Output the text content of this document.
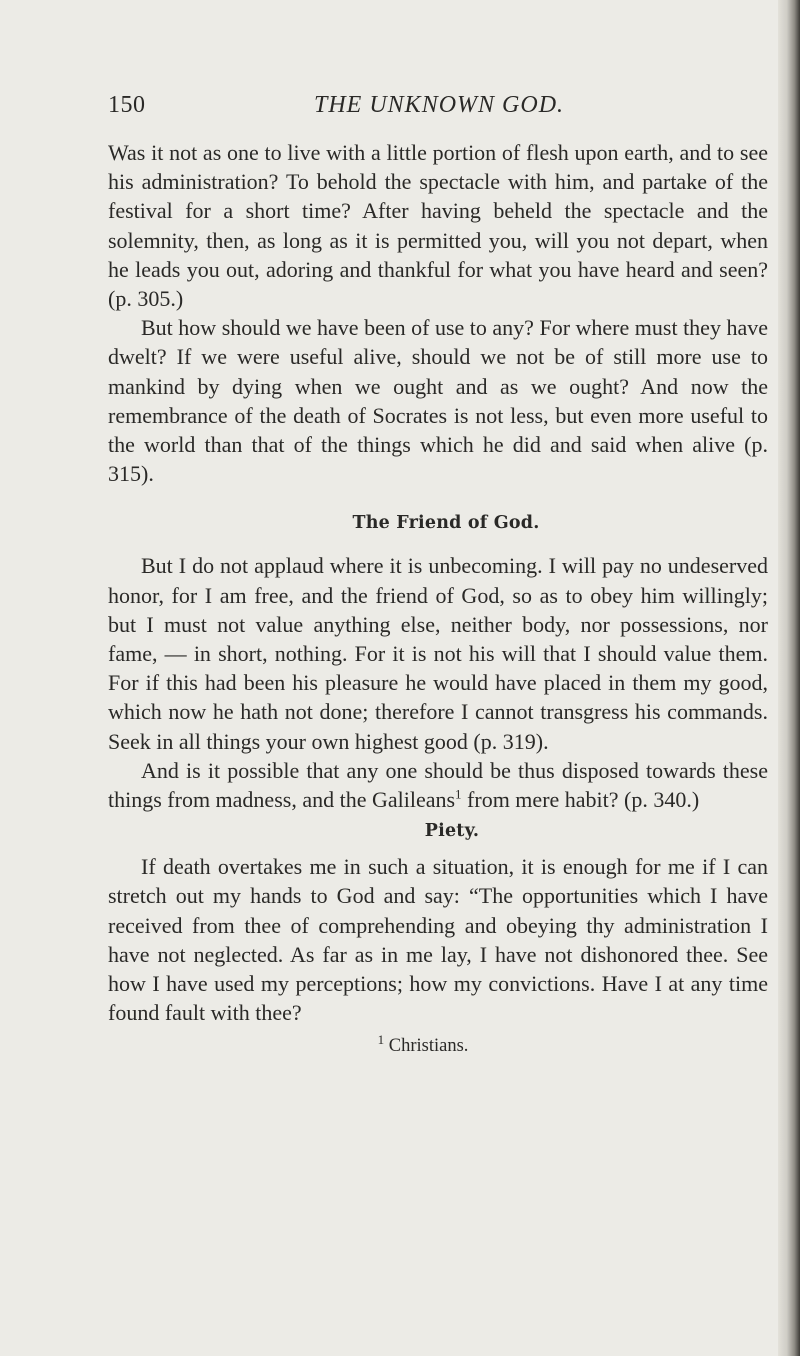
150	THE UNKNOWN GOD.

Was it not as one to live with a little portion of flesh upon earth, and to see his administration? To behold the spectacle with him, and partake of the festival for a short time? After having beheld the spectacle and the solemnity, then, as long as it is permitted you, will you not depart, when he leads you out, adoring and thankful for what you have heard and seen? (p. 305.)

But how should we have been of use to any? For where must they have dwelt? If we were useful alive, should we not be of still more use to mankind by dying when we ought and as we ought? And now the remembrance of the death of Socrates is not less, but even more useful to the world than that of the things which he did and said when alive (p. 315).

The Friend of God.

But I do not applaud where it is unbecoming. I will pay no undeserved honor, for I am free, and the friend of God, so as to obey him willingly; but I must not value anything else, neither body, nor possessions, nor fame, — in short, nothing. For it is not his will that I should value them. For if this had been his pleasure he would have placed in them my good, which now he hath not done; therefore I cannot transgress his commands. Seek in all things your own highest good (p. 319).

And is it possible that any one should be thus disposed towards these things from madness, and the Galileans$^1$ from mere habit? (p. 340.)

Piety.

If death overtakes me in such a situation, it is enough for me if I can stretch out my hands to God and say: “The opportunities which I have received from thee of comprehending and obeying thy administration I have not neglected. As far as in me lay, I have not dishonored thee. See how I have used my perceptions; how my convictions. Have I at any time found fault with thee?

$^1$ Christians.
